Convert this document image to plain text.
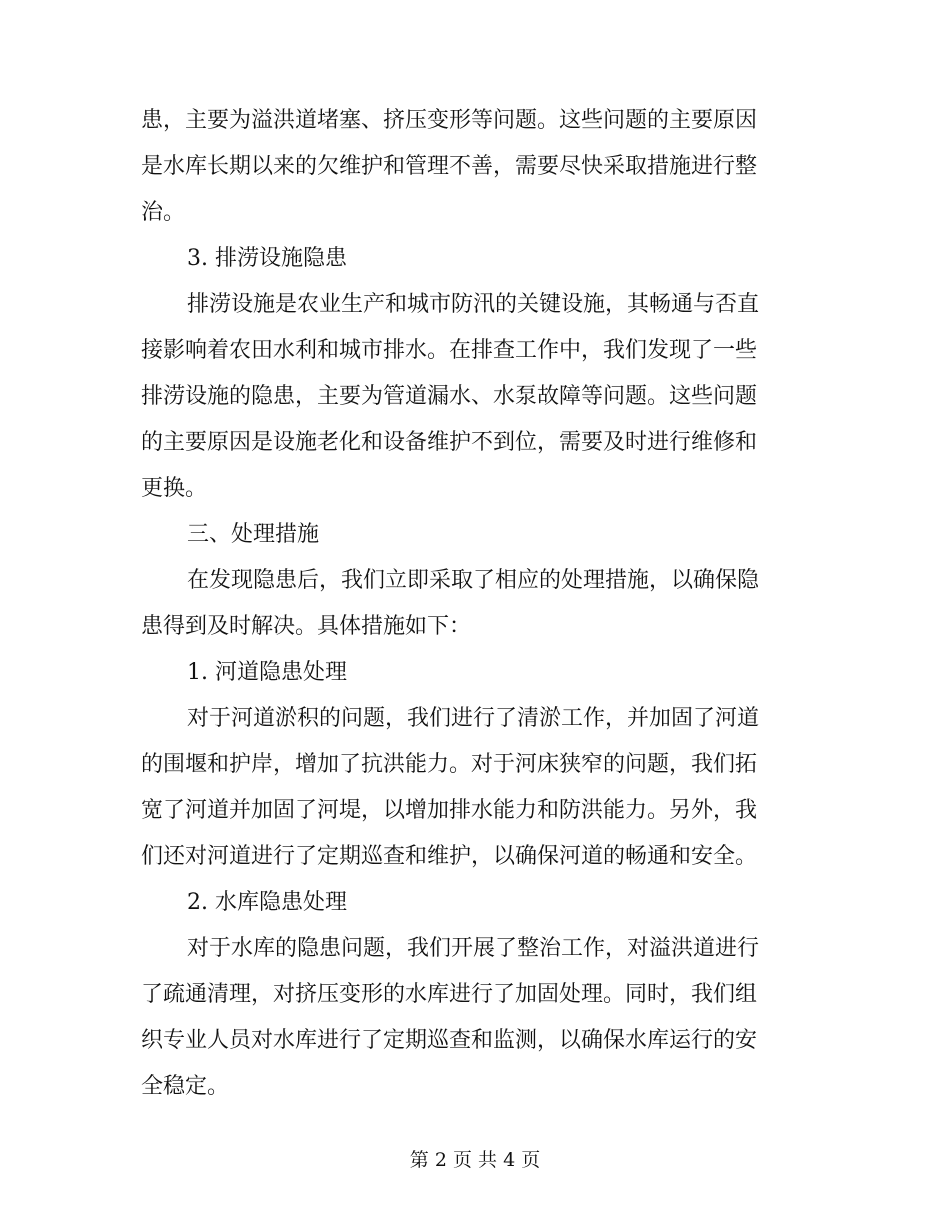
患，主要为溢洪道堵塞、挤压变形等问题。这些问题的主要原因
是水库长期以来的欠维护和管理不善，需要尽快采取措施进行整
治。
3. 排涝设施隐患
排涝设施是农业生产和城市防汛的关键设施，其畅通与否直
接影响着农田水利和城市排水。在排查工作中，我们发现了一些
排涝设施的隐患，主要为管道漏水、水泵故障等问题。这些问题
的主要原因是设施老化和设备维护不到位，需要及时进行维修和
更换。
三、处理措施
在发现隐患后，我们立即采取了相应的处理措施，以确保隐
患得到及时解决。具体措施如下：
1. 河道隐患处理
对于河道淤积的问题，我们进行了清淤工作，并加固了河道
的围堰和护岸，增加了抗洪能力。对于河床狭窄的问题，我们拓
宽了河道并加固了河堤，以增加排水能力和防洪能力。另外，我
们还对河道进行了定期巡查和维护，以确保河道的畅通和安全。
2. 水库隐患处理
对于水库的隐患问题，我们开展了整治工作，对溢洪道进行
了疏通清理，对挤压变形的水库进行了加固处理。同时，我们组
织专业人员对水库进行了定期巡查和监测，以确保水库运行的安
全稳定。
第 2 页 共 4 页
